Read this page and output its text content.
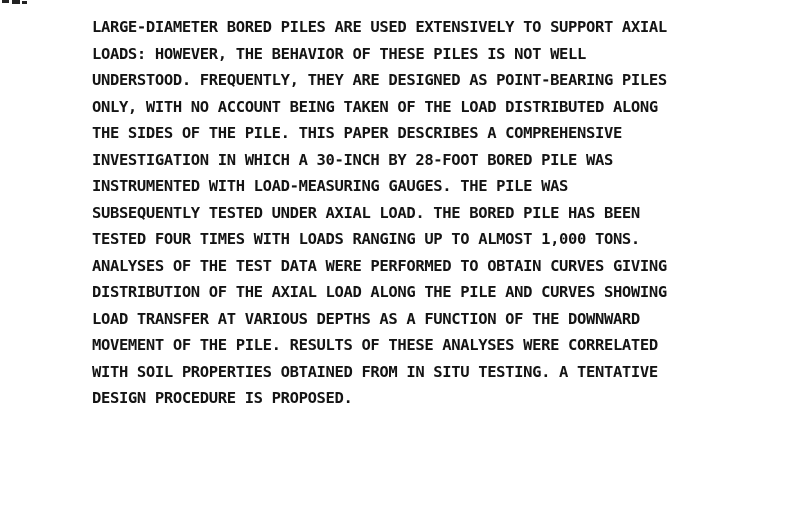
LARGE-DIAMETER BORED PILES ARE USED EXTENSIVELY TO SUPPORT AXIAL
LOADS: HOWEVER, THE BEHAVIOR OF THESE PILES IS NOT WELL
UNDERSTOOD. FREQUENTLY, THEY ARE DESIGNED AS POINT-BEARING PILES
ONLY, WITH NO ACCOUNT BEING TAKEN OF THE LOAD DISTRIBUTED ALONG
THE SIDES OF THE PILE. THIS PAPER DESCRIBES A COMPREHENSIVE
INVESTIGATION IN WHICH A 30-INCH BY 28-FOOT BORED PILE WAS
INSTRUMENTED WITH LOAD-MEASURING GAUGES. THE PILE WAS
SUBSEQUENTLY TESTED UNDER AXIAL LOAD. THE BORED PILE HAS BEEN
TESTED FOUR TIMES WITH LOADS RANGING UP TO ALMOST 1,000 TONS.
ANALYSES OF THE TEST DATA WERE PERFORMED TO OBTAIN CURVES GIVING
DISTRIBUTION OF THE AXIAL LOAD ALONG THE PILE AND CURVES SHOWING
LOAD TRANSFER AT VARIOUS DEPTHS AS A FUNCTION OF THE DOWNWARD
MOVEMENT OF THE PILE. RESULTS OF THESE ANALYSES WERE CORRELATED
WITH SOIL PROPERTIES OBTAINED FROM IN SITU TESTING. A TENTATIVE
DESIGN PROCEDURE IS PROPOSED.
